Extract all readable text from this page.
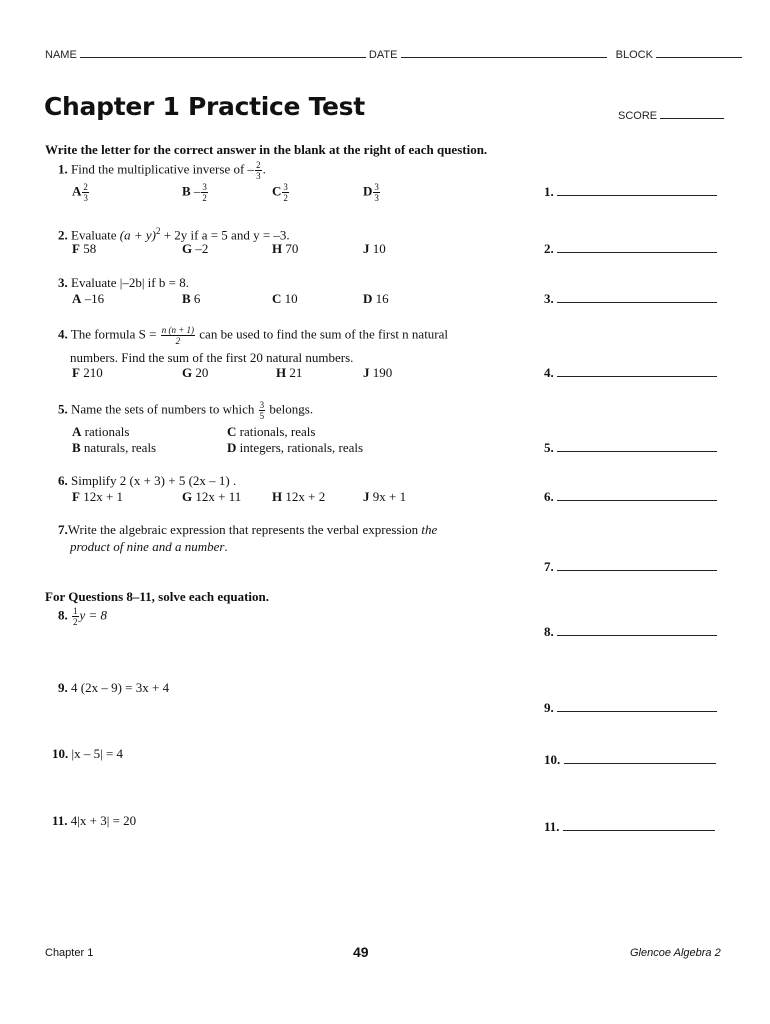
NAME	DATE	BLOCK
Chapter 1 Practice Test	SCORE
Write the letter for the correct answer in the blank at the right of each question.
1. Find the multiplicative inverse of – $\frac{2}{3}$ .
A $\frac{2}{3}$	B – $\frac{3}{2}$	C $\frac{3}{2}$	D $\frac{3}{3}$	1.
2. Evaluate $(a + y)^2 + 2y$ if a = 5 and y = –3.
F 58	G –2	H 70	J 10	2.
3. Evaluate |–2b| if b = 8.
A –16	B 6	C 10	D 16	3.
4. The formula $S = \frac{n (n + 1)}{2}$ can be used to find the sum of the first n natural
numbers. Find the sum of the first 20 natural numbers.
F 210	G 20	H 21	J 190	4.
5. Name the sets of numbers to which $\frac{3}{5}$ belongs.
A rationals	C rationals, reals
B naturals, reals	D integers, rationals, reals	5.
6. Simplify 2 (x + 3) + 5 (2x – 1) .
F 12x + 1	G 12x + 11 H 12x + 2	J 9x + 1	6.
7.Write the algebraic expression that represents the verbal expression the
product of nine and a number.
7.
For Questions 8–11, solve each equation.
8. $\frac{1}{2}$ y = 8
8.
9. 4 (2x – 9) = 3x + 4
9.
10. |x – 5| = 4	10.
11. 4|x + 3| = 20	11.
Chapter 1	49	Glencoe Algebra 2
